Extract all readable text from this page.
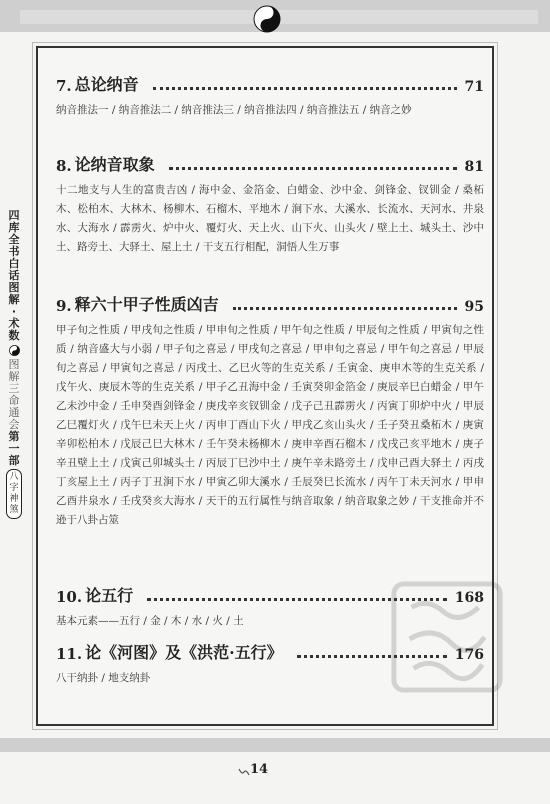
四库全书白话图解
·
术数
图解三命通会
第一部
八字神煞
7. 总论纳音	71
纳音推法一 / 纳音推法二 / 纳音推法三 / 纳音推法四 / 纳音推法五 / 纳音之妙
8. 论纳音取象	81
十二地支与人生的富贵吉凶 / 海中金、金箔金、白蜡金、沙中金、剑锋金、钗钏金 / 桑柘木、松柏木、大林木、杨柳木、石榴木、平地木 / 涧下水、大溪水、长流水、天河水、井泉水、大海水 / 霹雳火、炉中火、覆灯火、天上火、山下火、山头火 / 壁上土、城头土、沙中土、路旁土、大驿土、屋上土 / 干支五行相配，洞悟人生万事
9. 释六十甲子性质凶吉	95
甲子旬之性质 / 甲戌旬之性质 / 甲申旬之性质 / 甲午旬之性质 / 甲辰旬之性质 / 甲寅旬之性质 / 纳音盛大与小弱 / 甲子旬之喜忌 / 甲戌旬之喜忌 / 甲申旬之喜忌 / 甲午旬之喜忌 / 甲辰旬之喜忌 / 甲寅旬之喜忌 / 丙戌土、乙巳火等的生克关系 / 壬寅金、庚申木等的生克关系 / 戊午火、庚辰木等的生克关系 / 甲子乙丑海中金 / 壬寅癸卯金箔金 / 庚辰辛巳白蜡金 / 甲午乙未沙中金 / 壬申癸酉剑锋金 / 庚戌辛亥钗钏金 / 戊子己丑霹雳火 / 丙寅丁卯炉中火 / 甲辰乙巳覆灯火 / 戊午巳未天上火 / 丙申丁酉山下火 / 甲戌乙亥山头火 / 壬子癸丑桑柘木 / 庚寅辛卯松柏木 / 戊辰己巳大林木 / 壬午癸未杨柳木 / 庚申辛酉石榴木 / 戊戌己亥平地木 / 庚子辛丑壁上土 / 戊寅己卯城头土 / 丙辰丁巳沙中土 / 庚午辛未路旁土 / 戊申己酉大驿土 / 丙戌丁亥屋上土 / 丙子丁丑涧下水 / 甲寅乙卯大溪水 / 壬辰癸巳长流水 / 丙午丁未天河水 / 甲申乙酉井泉水 / 壬戌癸亥大海水 / 天干的五行属性与纳音取象 / 纳音取象之妙 / 干支推命并不逊于八卦占筮
10. 论五行	168
基本元素——五行 / 金 / 木 / 水 / 火 / 土
11. 论《河图》及《洪范·五行》	176
八干纳卦 / 地支纳卦
14
